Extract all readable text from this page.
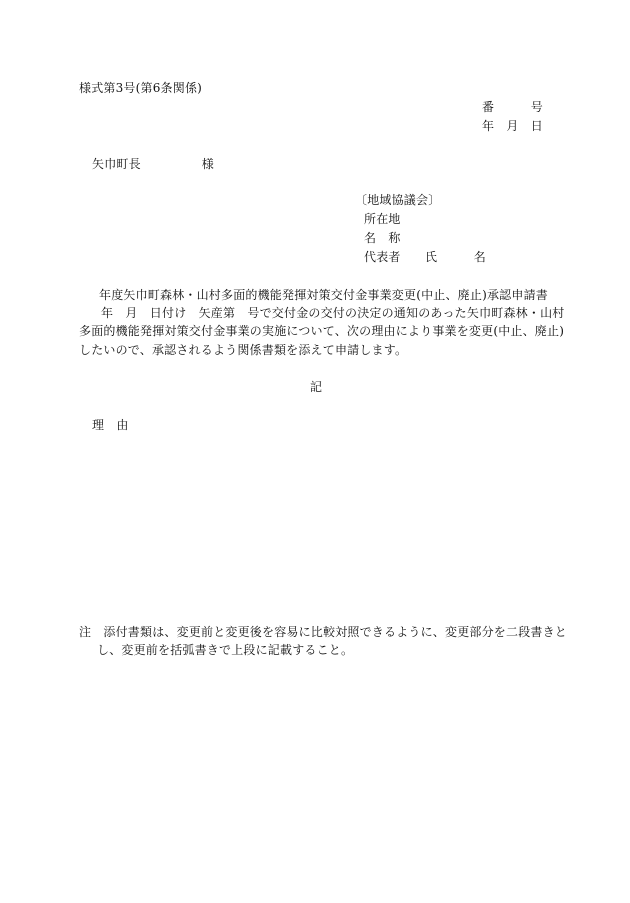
様式第3号(第6条関係)
番　　　号
年　月　日
矢巾町長　　　　　様
〔地域協議会〕
所在地
名　称
代表者　　氏　　　名
年度矢巾町森林・山村多面的機能発揮対策交付金事業変更(中止、廃止)承認申請書
年　月　日付け　矢産第　号で交付金の交付の決定の通知のあった矢巾町森林・山村
多面的機能発揮対策交付金事業の実施について、次の理由により事業を変更(中止、廃止)
したいので、承認されるよう関係書類を添えて申請します。
記
理　由
注　添付書類は、変更前と変更後を容易に比較対照できるように、変更部分を二段書きと
し、変更前を括弧書きで上段に記載すること。
